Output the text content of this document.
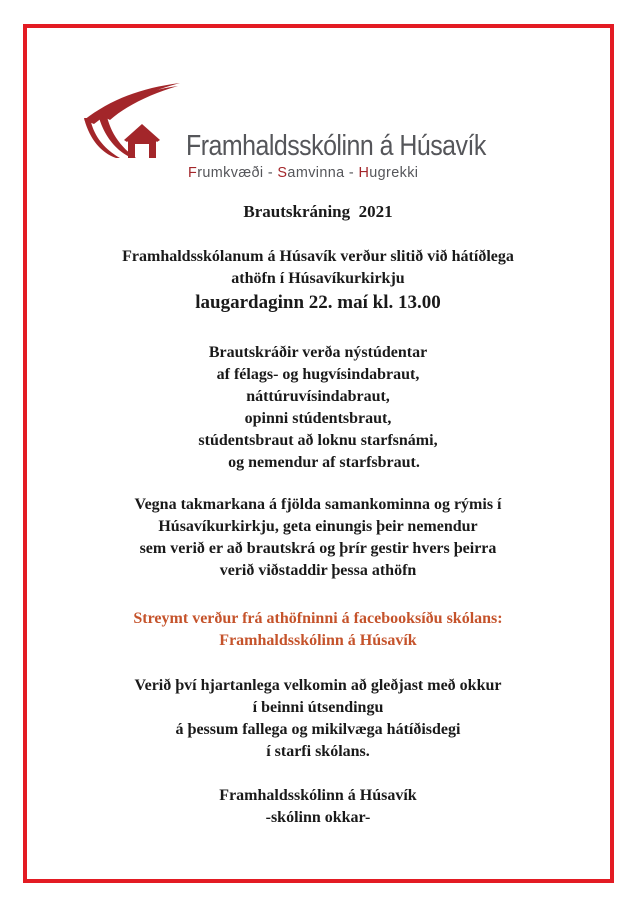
Framhaldsskólinn á Húsavík
Frumkvæði - Samvinna - Hugrekki
Brautskráning  2021
Framhaldsskólanum á Húsavík verður slitið við hátíðlega
athöfn í Húsavíkurkirkju
laugardaginn 22. maí kl. 13.00
Brautskráðir verða nýstúdentar
af félags- og hugvísindabraut,
náttúruvísindabraut,
opinni stúdentsbraut,
stúdentsbraut að loknu starfsnámi,
og nemendur af starfsbraut.
Vegna takmarkana á fjölda samankominna og rýmis í
Húsavíkurkirkju, geta einungis þeir nemendur
sem verið er að brautskrá og þrír gestir hvers þeirra
verið viðstaddir þessa athöfn
Streymt verður frá athöfninni á facebooksíðu skólans:
Framhaldsskólinn á Húsavík
Verið því hjartanlega velkomin að gleðjast með okkur
í beinni útsendingu
á þessum fallega og mikilvæga hátíðisdegi
í starfi skólans.
Framhaldsskólinn á Húsavík
-skólinn okkar-
